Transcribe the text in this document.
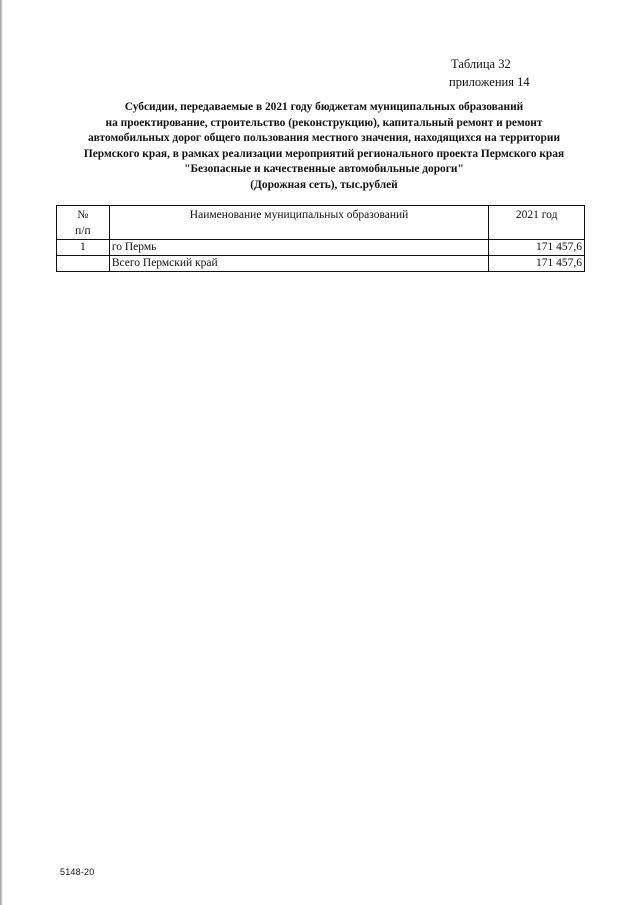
Таблица 32
приложения 14
Субсидии, передаваемые в 2021 году бюджетам муниципальных образований
на проектирование, строительство (реконструкцию), капитальный ремонт и ремонт
автомобильных дорог общего пользования местного значения, находящихся на территории
Пермского края, в рамках реализации мероприятий регионального проекта Пермского края
"Безопасные и качественные автомобильные дороги"
(Дорожная сеть), тыс.рублей
№
п/п	Наименование муниципальных образований	2021 год
1	го Пермь	171 457,6
	Всего Пермский край	171 457,6
5148-20
